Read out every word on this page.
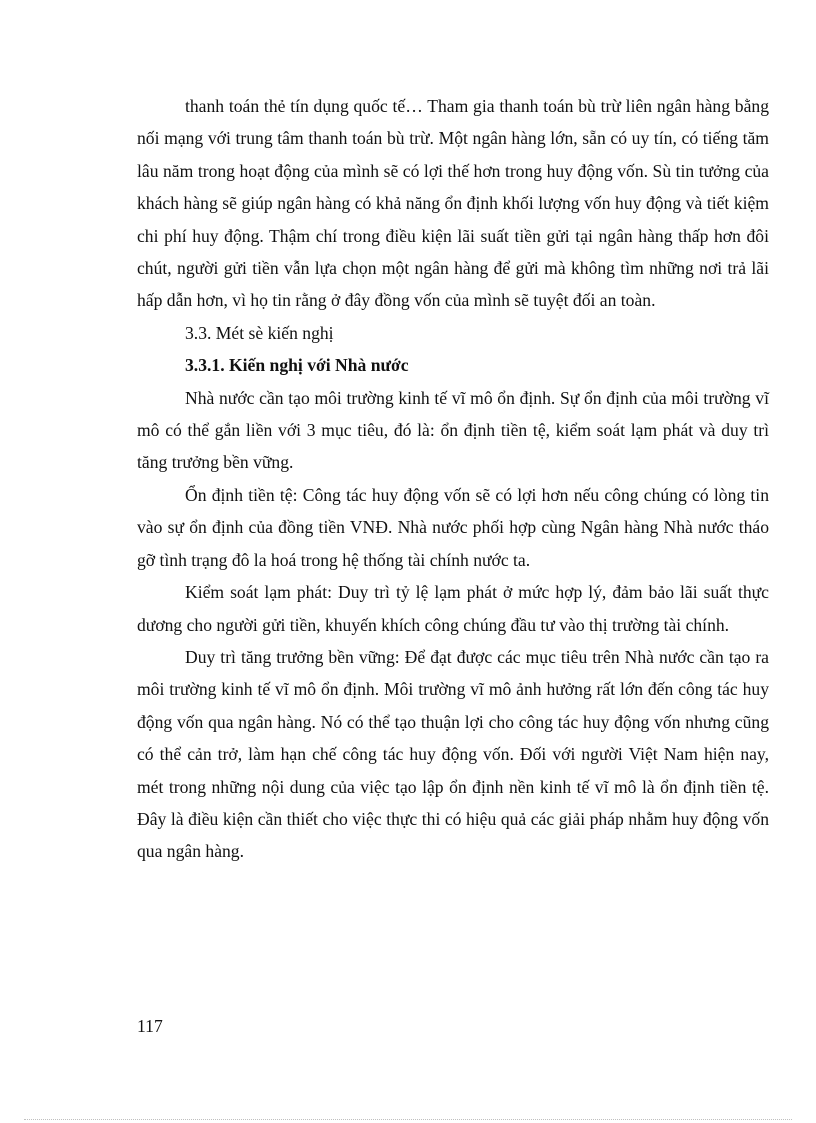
thanh toán thẻ tín dụng quốc tế… Tham gia thanh toán bù trừ liên ngân hàng bằng nối mạng với trung tâm thanh toán bù trừ. Một ngân hàng lớn, sẵn có uy tín, có tiếng tăm lâu năm trong hoạt động của mình sẽ có lợi thế hơn trong huy động vốn. Sù tin tưởng của khách hàng sẽ giúp ngân hàng có khả năng ổn định khối lượng vốn huy động và tiết kiệm chi phí huy động. Thậm chí trong điều kiện lãi suất tiền gửi tại ngân hàng thấp hơn đôi chút, người gửi tiền vẫn lựa chọn một ngân hàng để gửi mà không tìm những nơi trả lãi hấp dẫn hơn, vì họ tin rằng ở đây đồng vốn của mình sẽ tuyệt đối an toàn.

3.3. Mét sè kiến nghị

3.3.1. Kiến nghị với Nhà nước

Nhà nước cần tạo môi trường kinh tế vĩ mô ổn định. Sự ổn định của môi trường vĩ mô có thể gắn liền với 3 mục tiêu, đó là: ổn định tiền tệ, kiểm soát lạm phát và duy trì tăng trưởng bền vững.

Ổn định tiền tệ: Công tác huy động vốn sẽ có lợi hơn nếu công chúng có lòng tin vào sự ổn định của đồng tiền VNĐ. Nhà nước phối hợp cùng Ngân hàng Nhà nước tháo gỡ tình trạng đô la hoá trong hệ thống tài chính nước ta.

Kiểm soát lạm phát: Duy trì tỷ lệ lạm phát ở mức hợp lý, đảm bảo lãi suất thực dương cho người gửi tiền, khuyến khích công chúng đầu tư vào thị trường tài chính.

Duy trì tăng trưởng bền vững: Để đạt được các mục tiêu trên Nhà nước cần tạo ra môi trường kinh tế vĩ mô ổn định. Môi trường vĩ mô ảnh hưởng rất lớn đến công tác huy động vốn qua ngân hàng. Nó có thể tạo thuận lợi cho công tác huy động vốn nhưng cũng có thể cản trở, làm hạn chế công tác huy động vốn. Đối với người Việt Nam hiện nay, mét trong những nội dung của việc tạo lập ổn định nền kinh tế vĩ mô là ổn định tiền tệ. Đây là điều kiện cần thiết cho việc thực thi có hiệu quả các giải pháp nhằm huy động vốn qua ngân hàng.

117
